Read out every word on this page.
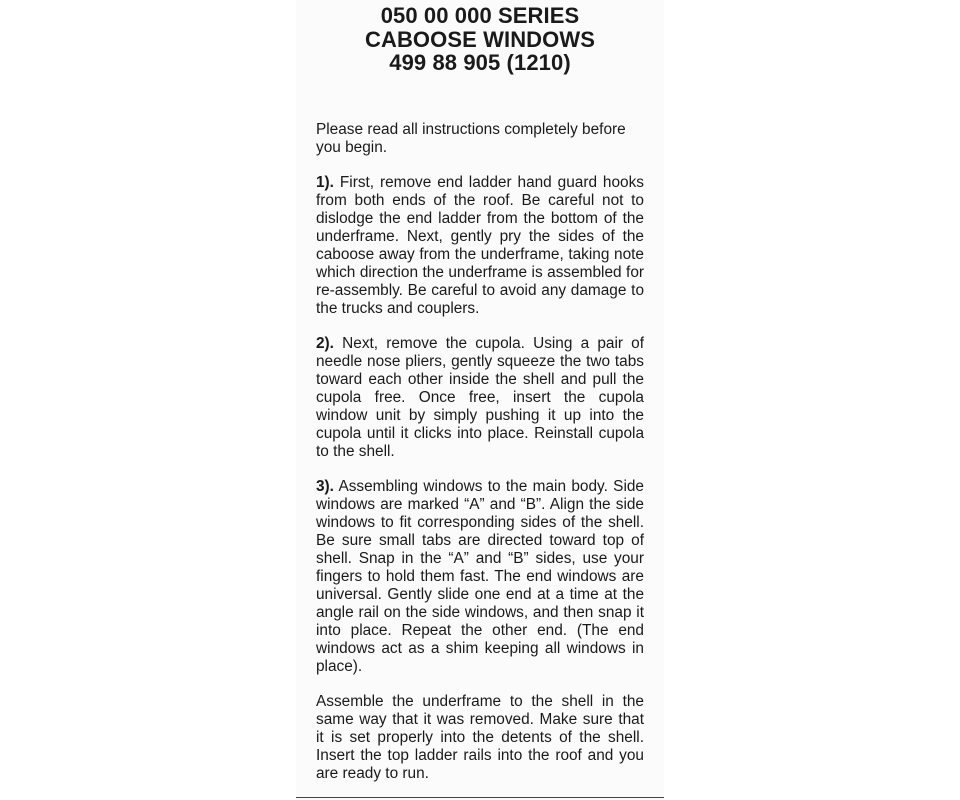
050 00 000 SERIES
CABOOSE WINDOWS
499 88 905 (1210)

Please read all instructions completely before you begin.

1). First, remove end ladder hand guard hooks from both ends of the roof. Be careful not to dislodge the end ladder from the bottom of the underframe. Next, gently pry the sides of the caboose away from the underframe, taking note which direction the underframe is assembled for re-assembly. Be careful to avoid any damage to the trucks and couplers.

2). Next, remove the cupola. Using a pair of needle nose pliers, gently squeeze the two tabs toward each other inside the shell and pull the cupola free. Once free, insert the cupola window unit by simply pushing it up into the cupola until it clicks into place. Reinstall cupola to the shell.

3). Assembling windows to the main body. Side windows are marked “A” and “B”. Align the side windows to fit corresponding sides of the shell. Be sure small tabs are directed toward top of shell. Snap in the “A” and “B” sides, use your fingers to hold them fast. The end windows are universal. Gently slide one end at a time at the angle rail on the side windows, and then snap it into place. Repeat the other end. (The end windows act as a shim keeping all windows in place).

Assemble the underframe to the shell in the same way that it was removed. Make sure that it is set properly into the detents of the shell. Insert the top ladder rails into the roof and you are ready to run.
